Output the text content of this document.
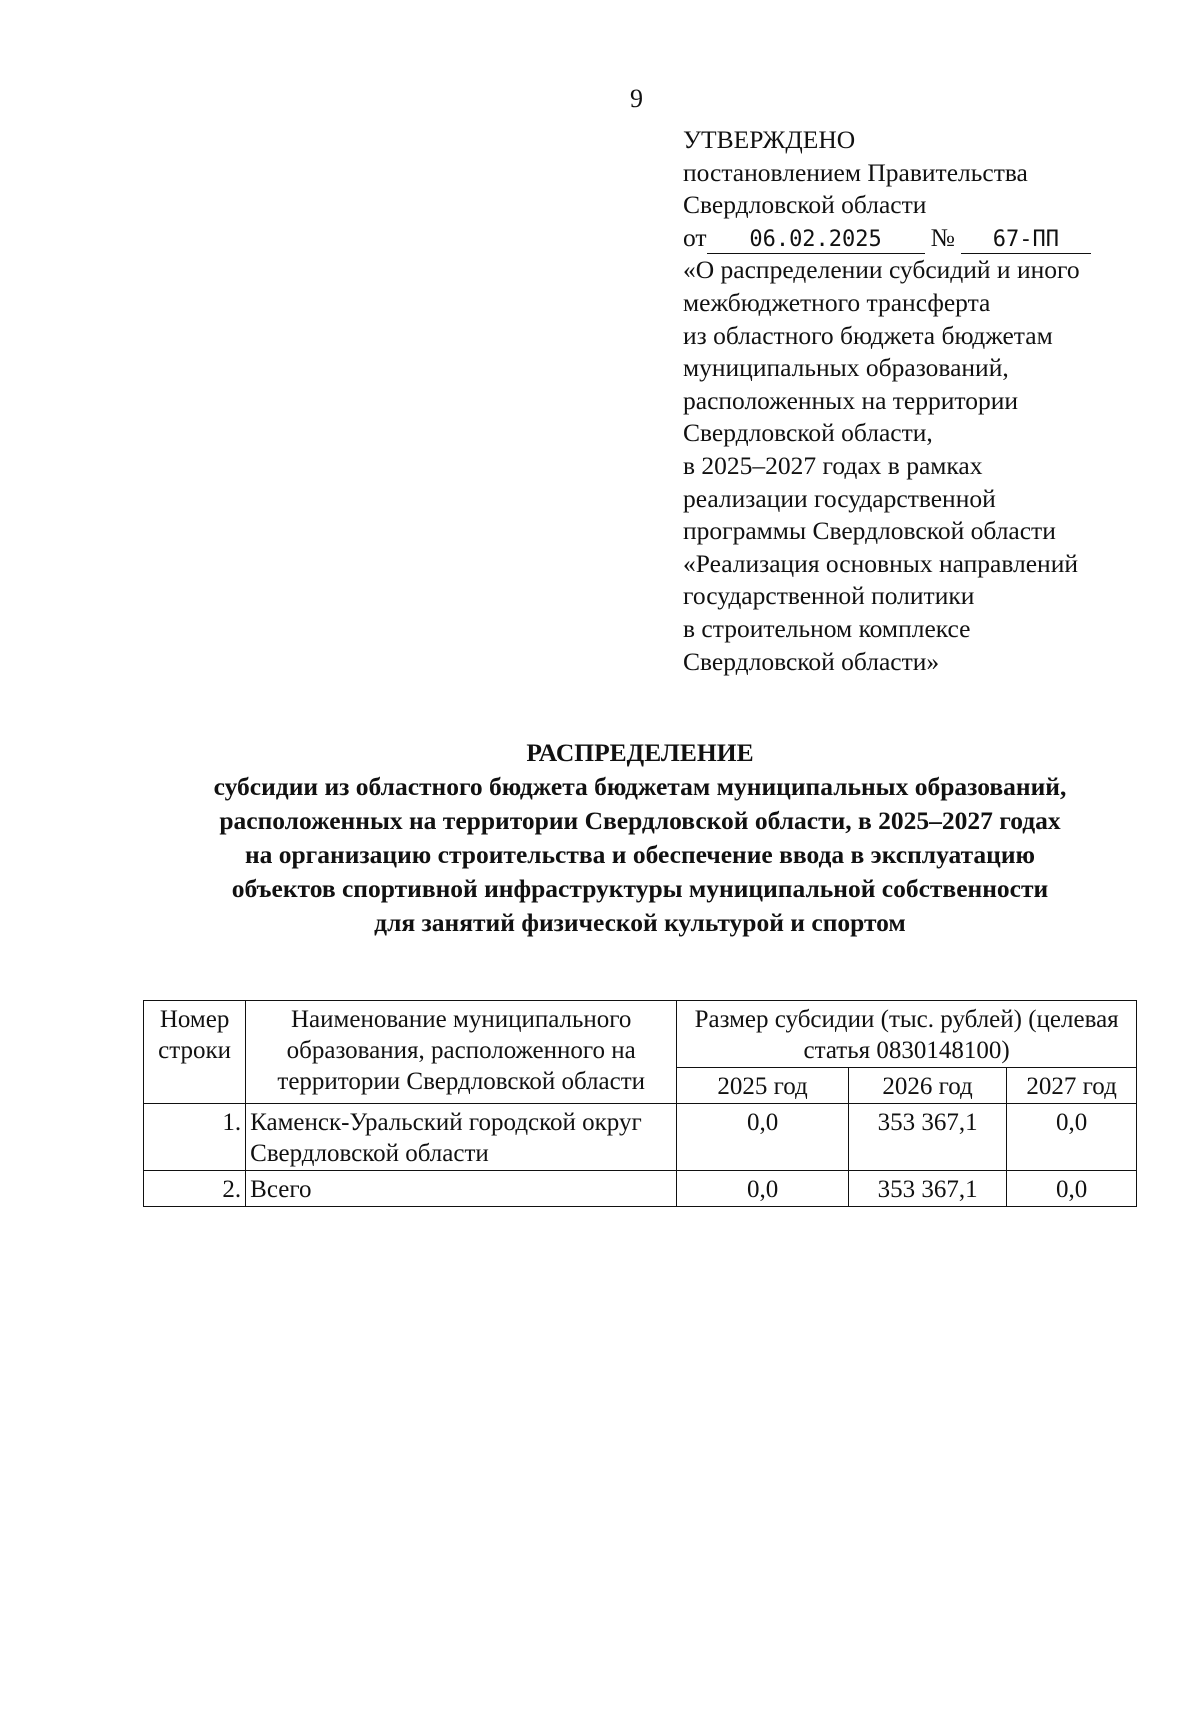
9
УТВЕРЖДЕНО
постановлением Правительства
Свердловской области
от 06.02.2025 № 67-ПП
«О распределении субсидий и иного
межбюджетного трансферта
из областного бюджета бюджетам
муниципальных образований,
расположенных на территории
Свердловской области,
в 2025–2027 годах в рамках
реализации государственной
программы Свердловской области
«Реализация основных направлений
государственной политики
в строительном комплексе
Свердловской области»
РАСПРЕДЕЛЕНИЕ
субсидии из областного бюджета бюджетам муниципальных образований,
расположенных на территории Свердловской области, в 2025–2027 годах
на организацию строительства и обеспечение ввода в эксплуатацию
объектов спортивной инфраструктуры муниципальной собственности
для занятий физической культурой и спортом
Номер строки	Наименование муниципального образования, расположенного на территории Свердловской области	Размер субсидии (тыс. рублей) (целевая статья 0830148100)		
		2025 год	2026 год	2027 год
1.	Каменск-Уральский городской округ Свердловской области	0,0	353 367,1	0,0
2.	Всего	0,0	353 367,1	0,0
